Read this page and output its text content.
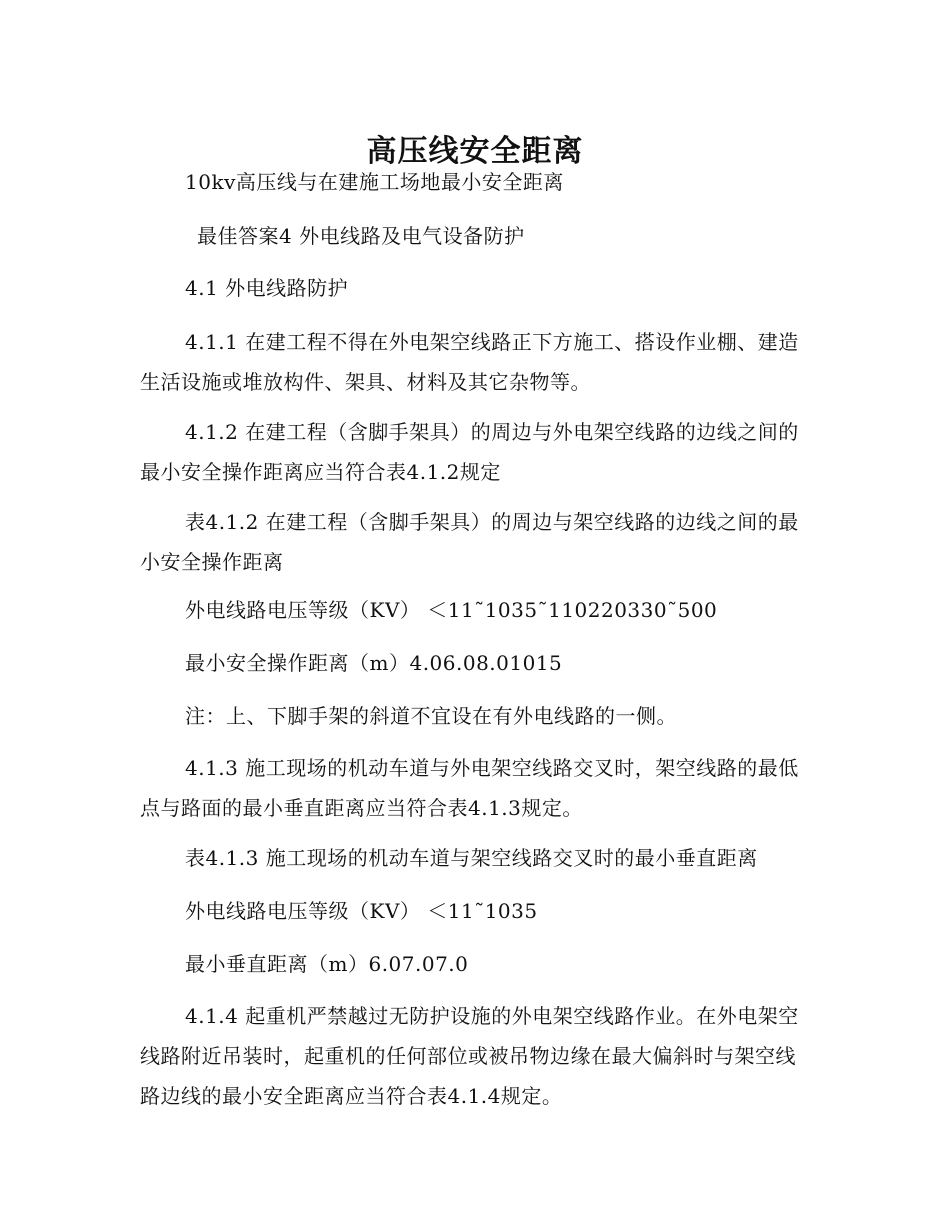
高压线安全距离

10kv高压线与在建施工场地最小安全距离

最佳答案4 外电线路及电气设备防护

4.1 外电线路防护

4.1.1 在建工程不得在外电架空线路正下方施工、搭设作业棚、建造生活设施或堆放构件、架具、材料及其它杂物等。

4.1.2 在建工程（含脚手架具）的周边与外电架空线路的边线之间的最小安全操作距离应当符合表4.1.2规定

表4.1.2 在建工程（含脚手架具）的周边与架空线路的边线之间的最小安全操作距离

外电线路电压等级（KV） ＜11˜1035˜110220330˜500

最小安全操作距离（m）4.06.08.01015

注：上、下脚手架的斜道不宜设在有外电线路的一侧。

4.1.3 施工现场的机动车道与外电架空线路交叉时，架空线路的最低点与路面的最小垂直距离应当符合表4.1.3规定。

表4.1.3 施工现场的机动车道与架空线路交叉时的最小垂直距离

外电线路电压等级（KV） ＜11˜1035

最小垂直距离（m）6.07.07.0

4.1.4 起重机严禁越过无防护设施的外电架空线路作业。在外电架空线路附近吊装时，起重机的任何部位或被吊物边缘在最大偏斜时与架空线路边线的最小安全距离应当符合表4.1.4规定。
